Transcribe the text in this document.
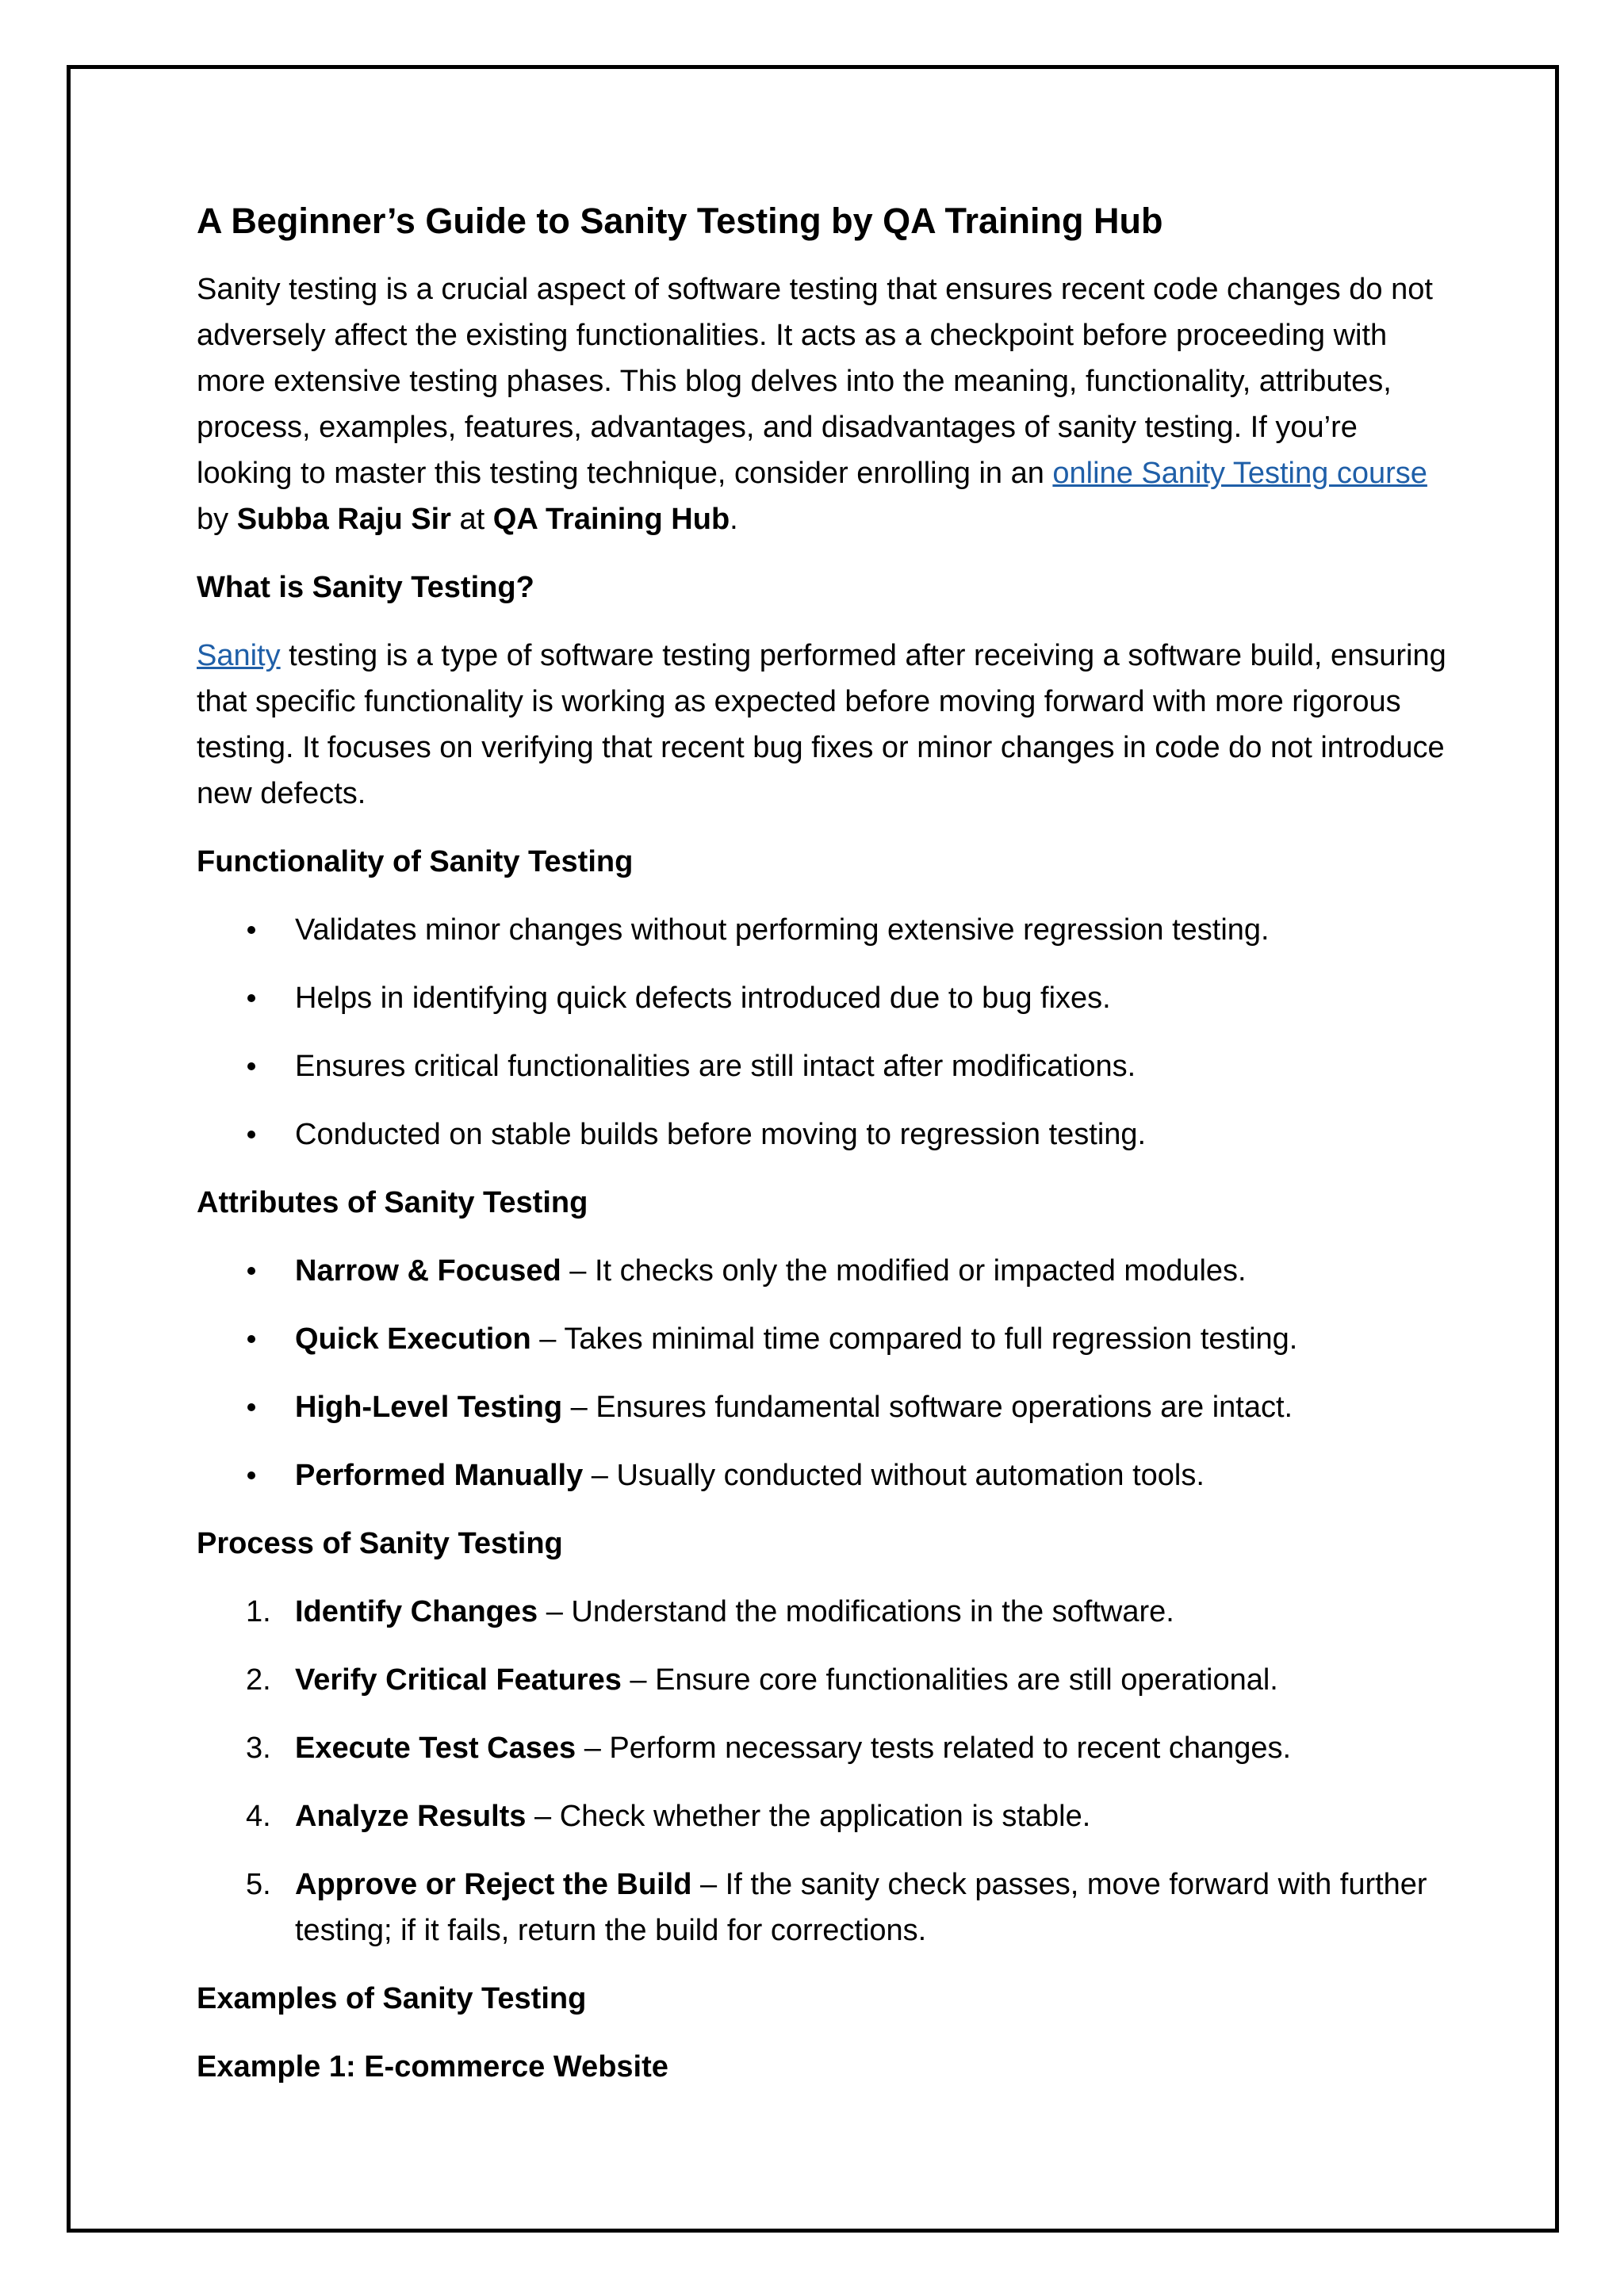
A Beginner’s Guide to Sanity Testing by QA Training Hub

Sanity testing is a crucial aspect of software testing that ensures recent code changes do not adversely affect the existing functionalities. It acts as a checkpoint before proceeding with more extensive testing phases. This blog delves into the meaning, functionality, attributes, process, examples, features, advantages, and disadvantages of sanity testing. If you’re looking to master this testing technique, consider enrolling in an online Sanity Testing course by Subba Raju Sir at QA Training Hub.

What is Sanity Testing?

Sanity testing is a type of software testing performed after receiving a software build, ensuring that specific functionality is working as expected before moving forward with more rigorous testing. It focuses on verifying that recent bug fixes or minor changes in code do not introduce new defects.

Functionality of Sanity Testing
Validates minor changes without performing extensive regression testing.
Helps in identifying quick defects introduced due to bug fixes.
Ensures critical functionalities are still intact after modifications.
Conducted on stable builds before moving to regression testing.
Attributes of Sanity Testing
Narrow & Focused – It checks only the modified or impacted modules.
Quick Execution – Takes minimal time compared to full regression testing.
High-Level Testing – Ensures fundamental software operations are intact.
Performed Manually – Usually conducted without automation tools.
Process of Sanity Testing
1. Identify Changes – Understand the modifications in the software.
2. Verify Critical Features – Ensure core functionalities are still operational.
3. Execute Test Cases – Perform necessary tests related to recent changes.
4. Analyze Results – Check whether the application is stable.
5. Approve or Reject the Build – If the sanity check passes, move forward with further testing; if it fails, return the build for corrections.
Examples of Sanity Testing
Example 1: E-commerce Website
